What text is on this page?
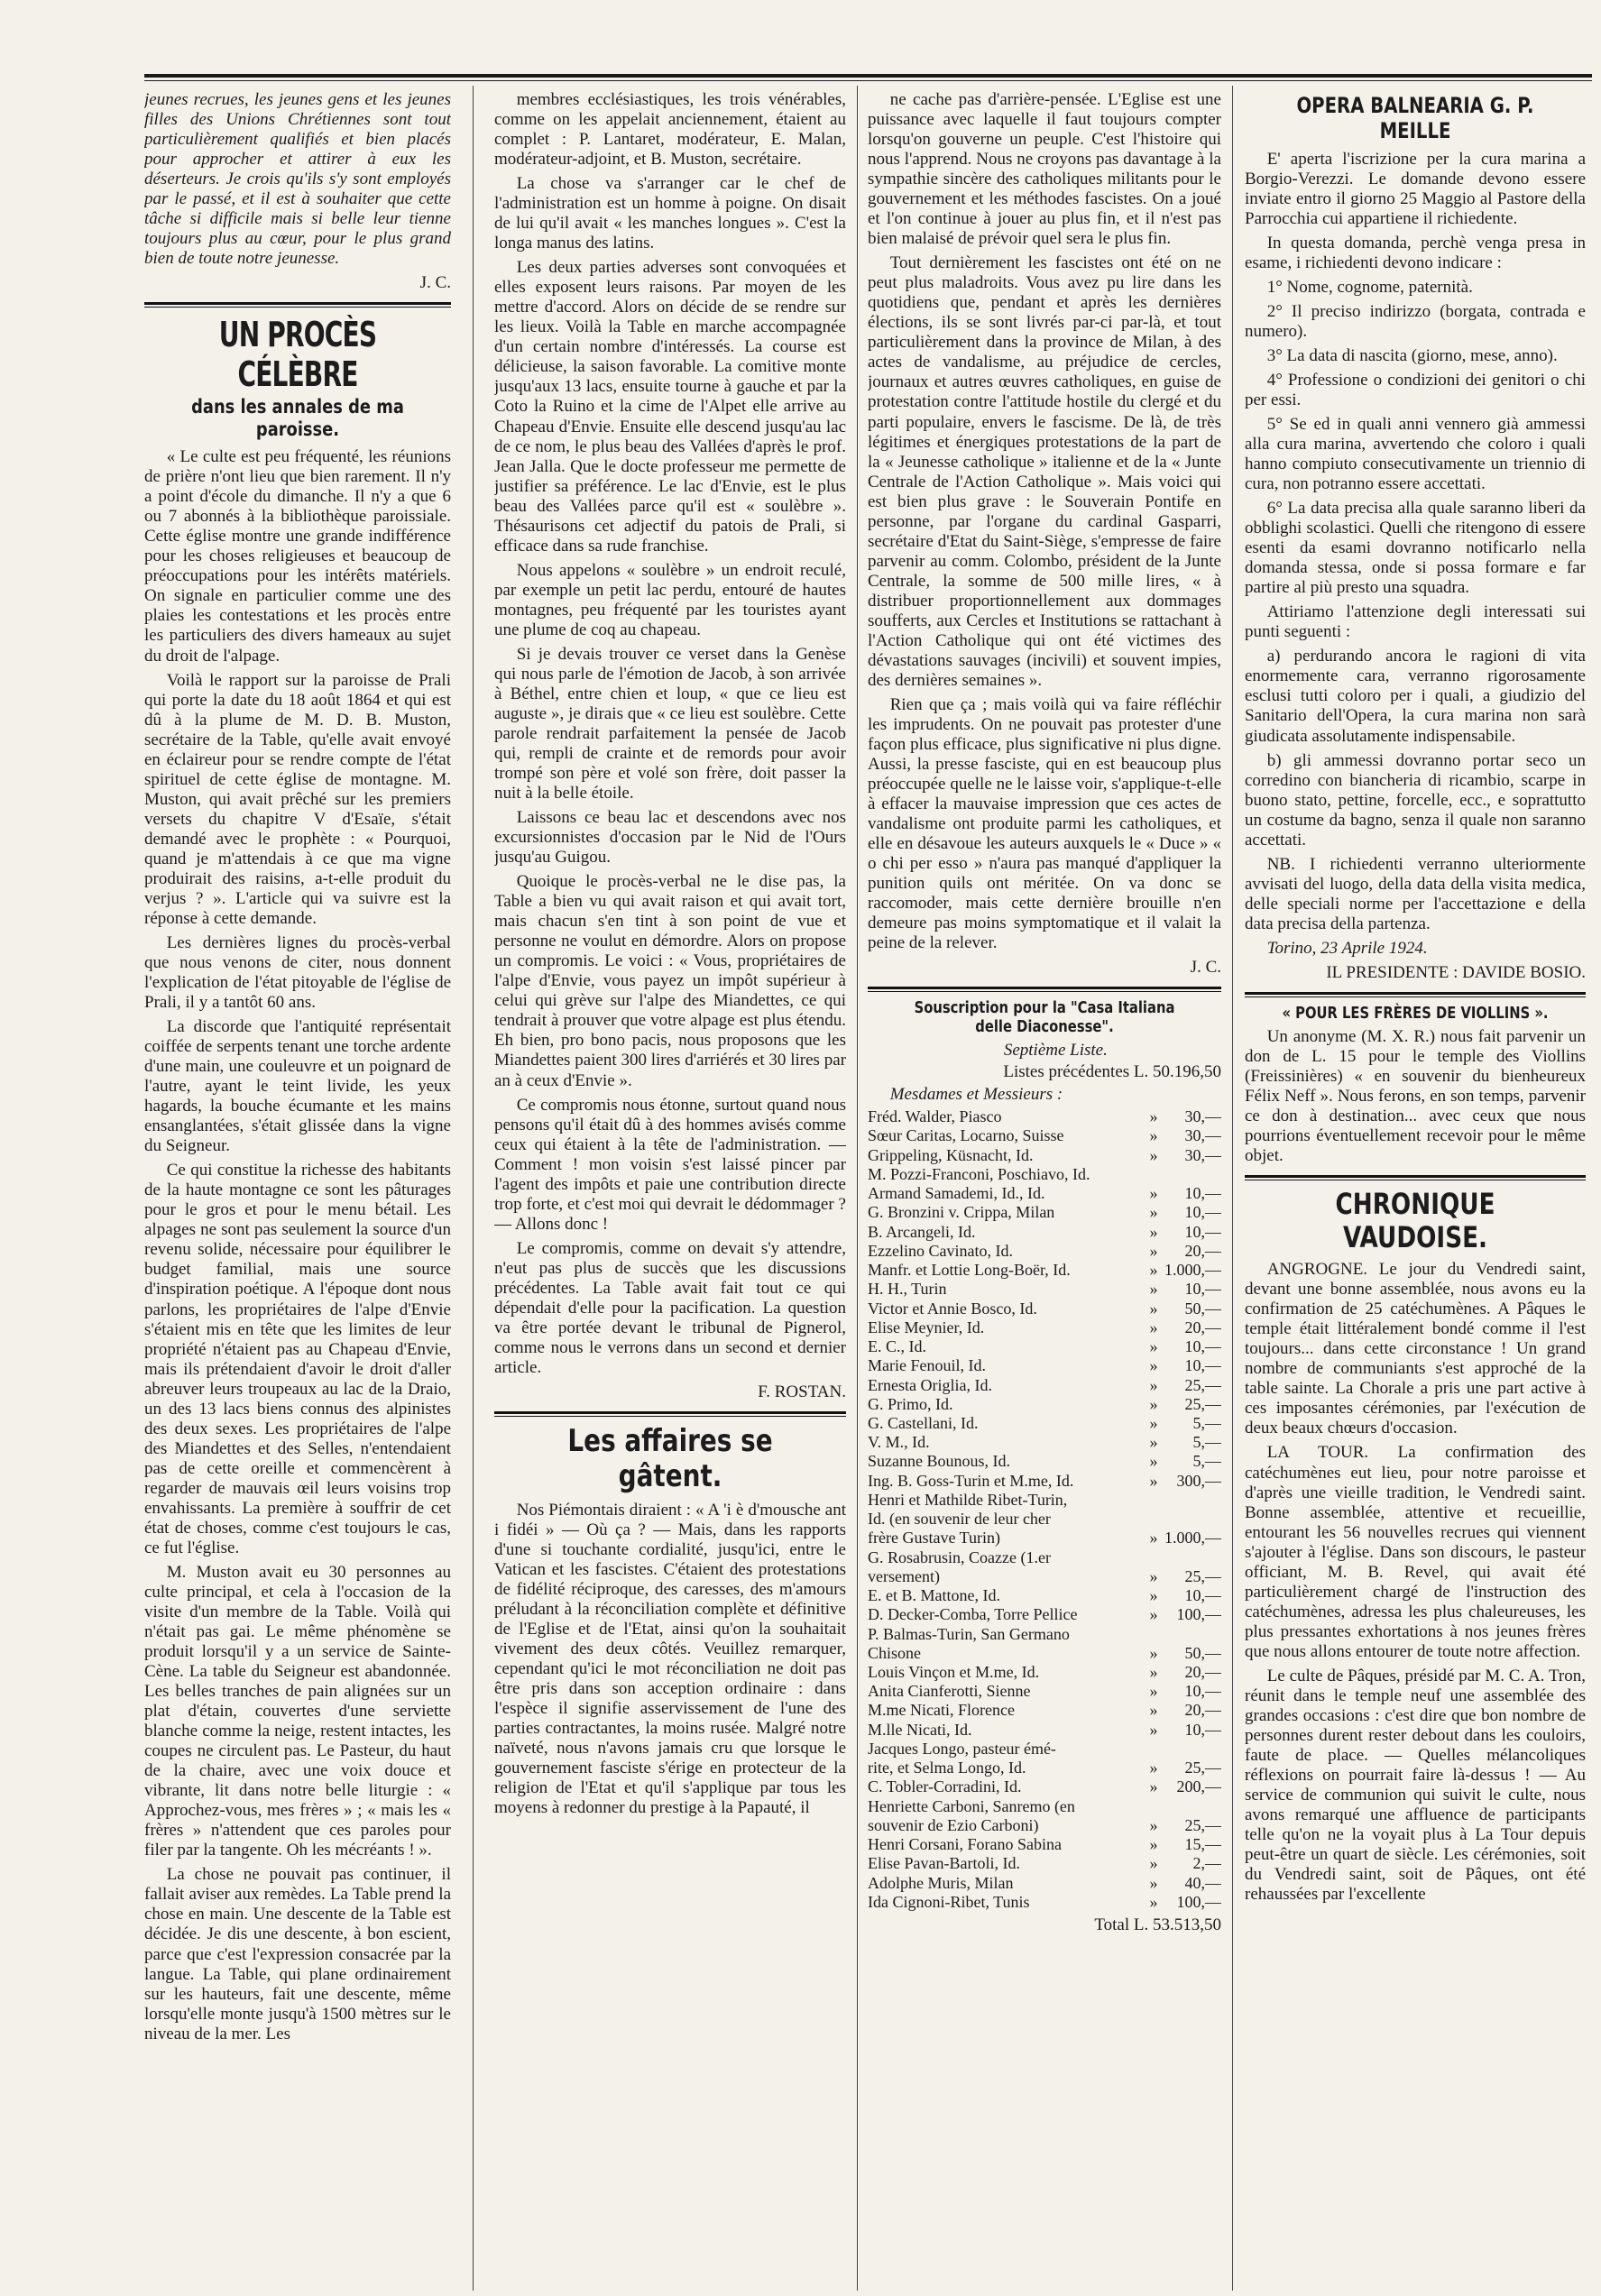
jeunes recrues, les jeunes gens et les jeunes filles des Unions Chrétiennes sont tout particulièrement qualifiés et bien placés pour approcher et attirer à eux les déserteurs. Je crois qu'ils s'y sont employés par le passé, et il est à souhaiter que cette tâche si difficile mais si belle leur tienne toujours plus au cœur, pour le plus grand bien de toute notre jeunesse.

J. C.

UN PROCÈS CÉLÈBRE
dans les annales de ma paroisse.

« Le culte est peu fréquenté, les réunions de prière n'ont lieu que bien rarement. Il n'y a point d'école du dimanche. Il n'y a que 6 ou 7 abonnés à la bibliothèque paroissiale. Cette église montre une grande indifférence pour les choses religieuses et beaucoup de préoccupations pour les intérêts matériels. On signale en particulier comme une des plaies les contestations et les procès entre les particuliers des divers hameaux au sujet du droit de l'alpage.

Voilà le rapport sur la paroisse de Prali qui porte la date du 18 août 1864 et qui est dû à la plume de M. D. B. Muston, secrétaire de la Table, qu'elle avait envoyé en éclaireur pour se rendre compte de l'état spirituel de cette église de montagne. M. Muston, qui avait prêché sur les premiers versets du chapitre V d'Esaïe, s'était demandé avec le prophète : « Pourquoi, quand je m'attendais à ce que ma vigne produirait des raisins, a-t-elle produit du verjus ? ». L'article qui va suivre est la réponse à cette demande.

Les dernières lignes du procès-verbal que nous venons de citer, nous donnent l'explication de l'état pitoyable de l'église de Prali, il y a tantôt 60 ans.

La discorde que l'antiquité représentait coiffée de serpents tenant une torche ardente d'une main, une couleuvre et un poignard de l'autre, ayant le teint livide, les yeux hagards, la bouche écumante et les mains ensanglantées, s'était glissée dans la vigne du Seigneur.

Ce qui constitue la richesse des habitants de la haute montagne ce sont les pâturages pour le gros et pour le menu bétail. Les alpages ne sont pas seulement la source d'un revenu solide, nécessaire pour équilibrer le budget familial, mais une source d'inspiration poétique. A l'époque dont nous parlons, les propriétaires de l'alpe d'Envie s'étaient mis en tête que les limites de leur propriété n'étaient pas au Chapeau d'Envie, mais ils prétendaient d'avoir le droit d'aller abreuver leurs troupeaux au lac de la Draio, un des 13 lacs biens connus des alpinistes des deux sexes. Les propriétaires de l'alpe des Miandettes et des Selles, n'entendaient pas de cette oreille et commencèrent à regarder de mauvais œil leurs voisins trop envahissants. La première à souffrir de cet état de choses, comme c'est toujours le cas, ce fut l'église.

M. Muston avait eu 30 personnes au culte principal, et cela à l'occasion de la visite d'un membre de la Table. Voilà qui n'était pas gai. Le même phénomène se produit lorsqu'il y a un service de Sainte-Cène. La table du Seigneur est abandonnée. Les belles tranches de pain alignées sur un plat d'étain, couvertes d'une serviette blanche comme la neige, restent intactes, les coupes ne circulent pas. Le Pasteur, du haut de la chaire, avec une voix douce et vibrante, lit dans notre belle liturgie : « Approchez-vous, mes frères » ; « mais les « frères » n'attendent que ces paroles pour filer par la tangente. Oh les mécréants ! ».

La chose ne pouvait pas continuer, il fallait aviser aux remèdes. La Table prend la chose en main. Une descente de la Table est décidée. Je dis une descente, à bon escient, parce que c'est l'expression consacrée par la langue. La Table, qui plane ordinairement sur les hauteurs, fait une descente, même lorsqu'elle monte jusqu'à 1500 mètres sur le niveau de la mer. Les

membres ecclésiastiques, les trois vénérables, comme on les appelait anciennement, étaient au complet : P. Lantaret, modérateur, E. Malan, modérateur-adjoint, et B. Muston, secrétaire.

La chose va s'arranger car le chef de l'administration est un homme à poigne. On disait de lui qu'il avait « les manches longues ». C'est la longa manus des latins.

Les deux parties adverses sont convoquées et elles exposent leurs raisons. Par moyen de les mettre d'accord. Alors on décide de se rendre sur les lieux. Voilà la Table en marche accompagnée d'un certain nombre d'intéressés. La course est délicieuse, la saison favorable. La comitive monte jusqu'aux 13 lacs, ensuite tourne à gauche et par la Coto la Ruino et la cime de l'Alpet elle arrive au Chapeau d'Envie. Ensuite elle descend jusqu'au lac de ce nom, le plus beau des Vallées d'après le prof. Jean Jalla. Que le docte professeur me permette de justifier sa préférence. Le lac d'Envie, est le plus beau des Vallées parce qu'il est « soulèbre ». Thésaurisons cet adjectif du patois de Prali, si efficace dans sa rude franchise.

Nous appelons « soulèbre » un endroit reculé, par exemple un petit lac perdu, entouré de hautes montagnes, peu fréquenté par les touristes ayant une plume de coq au chapeau.

Si je devais trouver ce verset dans la Genèse qui nous parle de l'émotion de Jacob, à son arrivée à Béthel, entre chien et loup, « que ce lieu est auguste », je dirais que « ce lieu est soulèbre. Cette parole rendrait parfaitement la pensée de Jacob qui, rempli de crainte et de remords pour avoir trompé son père et volé son frère, doit passer la nuit à la belle étoile.

Laissons ce beau lac et descendons avec nos excursionnistes d'occasion par le Nid de l'Ours jusqu'au Guigou.

Quoique le procès-verbal ne le dise pas, la Table a bien vu qui avait raison et qui avait tort, mais chacun s'en tint à son point de vue et personne ne voulut en démordre. Alors on propose un compromis. Le voici : « Vous, propriétaires de l'alpe d'Envie, vous payez un impôt supérieur à celui qui grève sur l'alpe des Miandettes, ce qui tendrait à prouver que votre alpage est plus étendu. Eh bien, pro bono pacis, nous proposons que les Miandettes paient 300 lires d'arriérés et 30 lires par an à ceux d'Envie ».

Ce compromis nous étonne, surtout quand nous pensons qu'il était dû à des hommes avisés comme ceux qui étaient à la tête de l'administration. — Comment ! mon voisin s'est laissé pincer par l'agent des impôts et paie une contribution directe trop forte, et c'est moi qui devrait le dédommager ? — Allons donc !

Le compromis, comme on devait s'y attendre, n'eut pas plus de succès que les discussions précédentes. La Table avait fait tout ce qui dépendait d'elle pour la pacification. La question va être portée devant le tribunal de Pignerol, comme nous le verrons dans un second et dernier article.

F. ROSTAN.

Les affaires se gâtent.

Nos Piémontais diraient : « A 'i è d'mousche ant i fidéi » — Où ça ? — Mais, dans les rapports d'une si touchante cordialité, jusqu'ici, entre le Vatican et les fascistes. C'étaient des protestations de fidélité réciproque, des caresses, des m'amours préludant à la réconciliation complète et définitive de l'Eglise et de l'Etat, ainsi qu'on la souhaitait vivement des deux côtés. Veuillez remarquer, cependant qu'ici le mot réconciliation ne doit pas être pris dans son acception ordinaire : dans l'espèce il signifie asservissement de l'une des parties contractantes, la moins rusée. Malgré notre naïveté, nous n'avons jamais cru que lorsque le gouvernement fasciste s'érige en protecteur de la religion de l'Etat et qu'il s'applique par tous les moyens à redonner du prestige à la Papauté, il

ne cache pas d'arrière-pensée. L'Eglise est une puissance avec laquelle il faut toujours compter lorsqu'on gouverne un peuple. C'est l'histoire qui nous l'apprend. Nous ne croyons pas davantage à la sympathie sincère des catholiques militants pour le gouvernement et les méthodes fascistes. On a joué et l'on continue à jouer au plus fin, et il n'est pas bien malaisé de prévoir quel sera le plus fin.

Tout dernièrement les fascistes ont été on ne peut plus maladroits. Vous avez pu lire dans les quotidiens que, pendant et après les dernières élections, ils se sont livrés par-ci par-là, et tout particulièrement dans la province de Milan, à des actes de vandalisme, au préjudice de cercles, journaux et autres œuvres catholiques, en guise de protestation contre l'attitude hostile du clergé et du parti populaire, envers le fascisme. De là, de très légitimes et énergiques protestations de la part de la « Jeunesse catholique » italienne et de la « Junte Centrale de l'Action Catholique ». Mais voici qui est bien plus grave : le Souverain Pontife en personne, par l'organe du cardinal Gasparri, secrétaire d'Etat du Saint-Siège, s'empresse de faire parvenir au comm. Colombo, président de la Junte Centrale, la somme de 500 mille lires, « à distribuer proportionnellement aux dommages soufferts, aux Cercles et Institutions se rattachant à l'Action Catholique qui ont été victimes des dévastations sauvages (incivili) et souvent impies, des dernières semaines ».

Rien que ça ; mais voilà qui va faire réfléchir les imprudents. On ne pouvait pas protester d'une façon plus efficace, plus significative ni plus digne. Aussi, la presse fasciste, qui en est beaucoup plus préoccupée quelle ne le laisse voir, s'applique-t-elle à effacer la mauvaise impression que ces actes de vandalisme ont produite parmi les catholiques, et elle en désavoue les auteurs auxquels le « Duce » « o chi per esso » n'aura pas manqué d'appliquer la punition quils ont méritée. On va donc se raccomoder, mais cette dernière brouille n'en demeure pas moins symptomatique et il valait la peine de la relever.

J. C.

Souscription pour la "Casa Italiana delle Diaconesse".

Septième Liste.

Listes précédentes L. 50.196,50

Mesdames et Messieurs :

Fréd. Walder, Piasco	»	30,—
Sœur Caritas, Locarno, Suisse	»	30,—
Grippeling, Küsnacht, Id.	»	30,—
M. Pozzi-Franconi, Poschiavo, Id.
Armand Samademi, Id., Id.	»	10,—
G. Bronzini v. Crippa, Milan	»	10,—
B. Arcangeli, Id.	»	10,—
Ezzelino Cavinato, Id.	»	20,—
Manfr. et Lottie Long-Boër, Id.	» 1.000,—
H. H., Turin	»	10,—
Victor et Annie Bosco, Id.	»	50,—
Elise Meynier, Id.	»	20,—
E. C., Id.	»	10,—
Marie Fenouil, Id.	»	10,—
Ernesta Origlia, Id.	»	25,—
G. Primo, Id.	»	25,—
G. Castellani, Id.	»	5,—
V. M., Id.	»	5,—
Suzanne Bounous, Id.	»	5,—
Ing. B. Goss-Turin et M.me, Id.	»	300,—
Henri et Mathilde Ribet-Turin,
Id. (en souvenir de leur cher
frère Gustave Turin)	» 1.000,—
G. Rosabrusin, Coazze (1.er
versement)	»	25,—
E. et B. Mattone, Id.	»	10,—
D. Decker-Comba, Torre Pellice	»	100,—
P. Balmas-Turin, San Germano
Chisone	»	50,—
Louis Vinçon et M.me, Id.	»	20,—
Anita Cianferotti, Sienne	»	10,—
M.me Nicati, Florence	»	20,—
M.lle Nicati, Id.	»	10,—
Jacques Longo, pasteur émé-
rite, et Selma Longo, Id.	»	25,—
C. Tobler-Corradini, Id.	»	200,—
Henriette Carboni, Sanremo (en
souvenir de Ezio Carboni)	»	25,—
Henri Corsani, Forano Sabina	»	15,—
Elise Pavan-Bartoli, Id.	»	2,—
Adolphe Muris, Milan	»	40,—
Ida Cignoni-Ribet, Tunis	»	100,—

Total L. 53.513,50

OPERA BALNEARIA G. P. MEILLE

E' aperta l'iscrizione per la cura marina a Borgio-Verezzi. Le domande devono essere inviate entro il giorno 25 Maggio al Pastore della Parrocchia cui appartiene il richiedente.

In questa domanda, perchè venga presa in esame, i richiedenti devono indicare :

1° Nome, cognome, paternità.

2° Il preciso indirizzo (borgata, contrada e numero).

3° La data di nascita (giorno, mese, anno).

4° Professione o condizioni dei genitori o chi per essi.

5° Se ed in quali anni vennero già ammessi alla cura marina, avvertendo che coloro i quali hanno compiuto consecutivamente un triennio di cura, non potranno essere accettati.

6° La data precisa alla quale saranno liberi da obblighi scolastici. Quelli che ritengono di essere esenti da esami dovranno notificarlo nella domanda stessa, onde si possa formare e far partire al più presto una squadra.

Attiriamo l'attenzione degli interessati sui punti seguenti :

a) perdurando ancora le ragioni di vita enormemente cara, verranno rigorosamente esclusi tutti coloro per i quali, a giudizio del Sanitario dell'Opera, la cura marina non sarà giudicata assolutamente indispensabile.

b) gli ammessi dovranno portar seco un corredino con biancheria di ricambio, scarpe in buono stato, pettine, forcelle, ecc., e soprattutto un costume da bagno, senza il quale non saranno accettati.

NB. I richiedenti verranno ulteriormente avvisati del luogo, della data della visita medica, delle speciali norme per l'accettazione e della data precisa della partenza.

Torino, 23 Aprile 1924.

IL PRESIDENTE : DAVIDE BOSIO.

« POUR LES FRÈRES DE VIOLLINS ».

Un anonyme (M. X. R.) nous fait parvenir un don de L. 15 pour le temple des Viollins (Freissinières) « en souvenir du bienheureux Félix Neff ». Nous ferons, en son temps, parvenir ce don à destination... avec ceux que nous pourrions éventuellement recevoir pour le même objet.

CHRONIQUE VAUDOISE.

ANGROGNE. Le jour du Vendredi saint, devant une bonne assemblée, nous avons eu la confirmation de 25 catéchumènes. A Pâques le temple était littéralement bondé comme il l'est toujours... dans cette circonstance ! Un grand nombre de communiants s'est approché de la table sainte. La Chorale a pris une part active à ces imposantes cérémonies, par l'exécution de deux beaux chœurs d'occasion.

LA TOUR. La confirmation des catéchumènes eut lieu, pour notre paroisse et d'après une vieille tradition, le Vendredi saint. Bonne assemblée, attentive et recueillie, entourant les 56 nouvelles recrues qui viennent s'ajouter à l'église. Dans son discours, le pasteur officiant, M. B. Revel, qui avait été particulièrement chargé de l'instruction des catéchumènes, adressa les plus chaleureuses, les plus pressantes exhortations à nos jeunes frères que nous allons entourer de toute notre affection.

Le culte de Pâques, présidé par M. C. A. Tron, réunit dans le temple neuf une assemblée des grandes occasions : c'est dire que bon nombre de personnes durent rester debout dans les couloirs, faute de place. — Quelles mélancoliques réflexions on pourrait faire là-dessus ! — Au service de communion qui suivit le culte, nous avons remarqué une affluence de participants telle qu'on ne la voyait plus à La Tour depuis peut-être un quart de siècle. Les cérémonies, soit du Vendredi saint, soit de Pâques, ont été rehaussées par l'excellente
